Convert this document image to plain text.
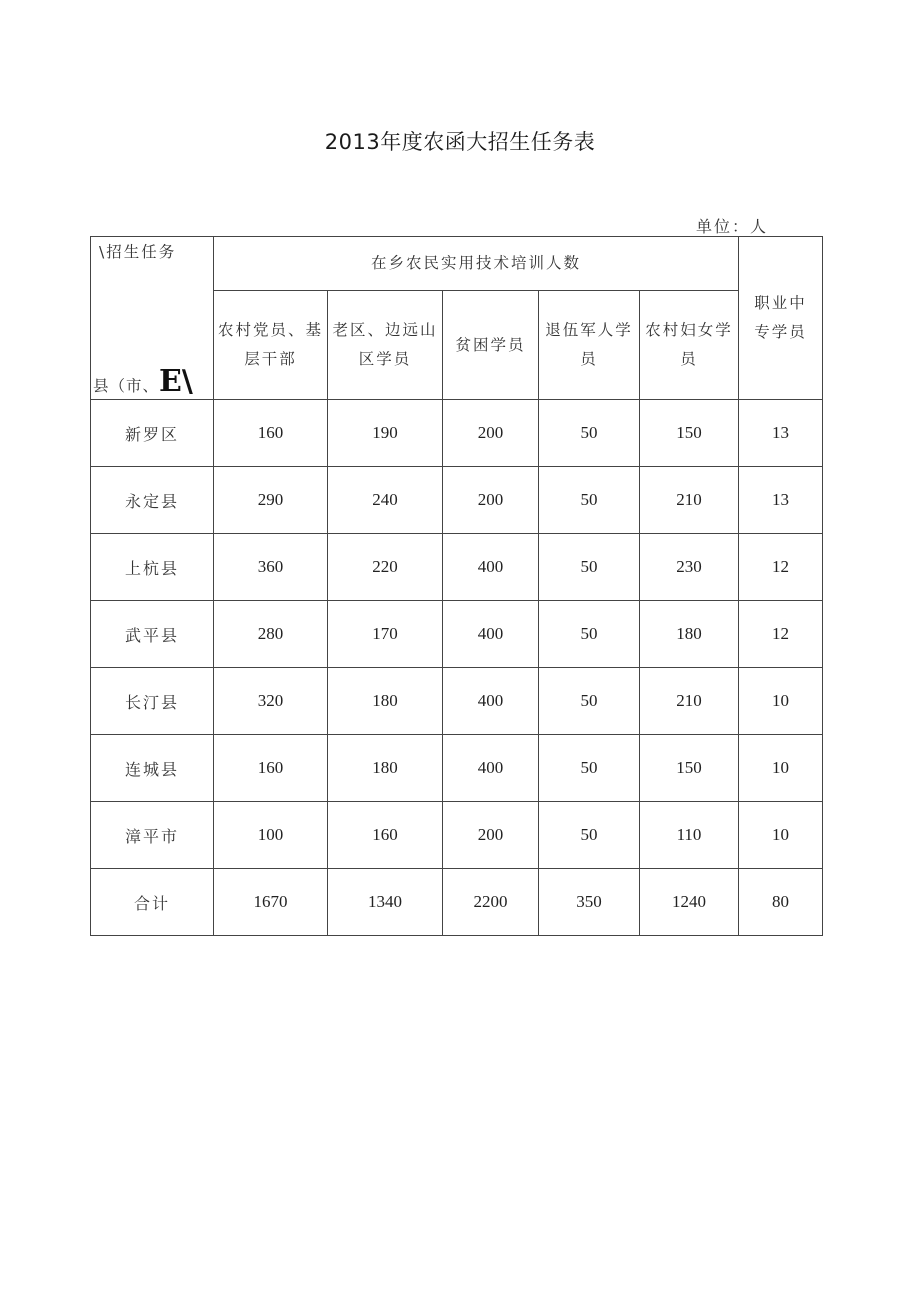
2013年度农函大招生任务表
单位：人
\招生任务
县（市、E\	在乡农民实用技术培训人数					职业中专学员
	农村党员、基层干部	老区、边远山区学员	贫困学员	退伍军人学员	农村妇女学员	
新罗区	160	190	200	50	150	13
永定县	290	240	200	50	210	13
上杭县	360	220	400	50	230	12
武平县	280	170	400	50	180	12
长汀县	320	180	400	50	210	10
连城县	160	180	400	50	150	10
漳平市	100	160	200	50	110	10
合计	1670	1340	2200	350	1240	80
